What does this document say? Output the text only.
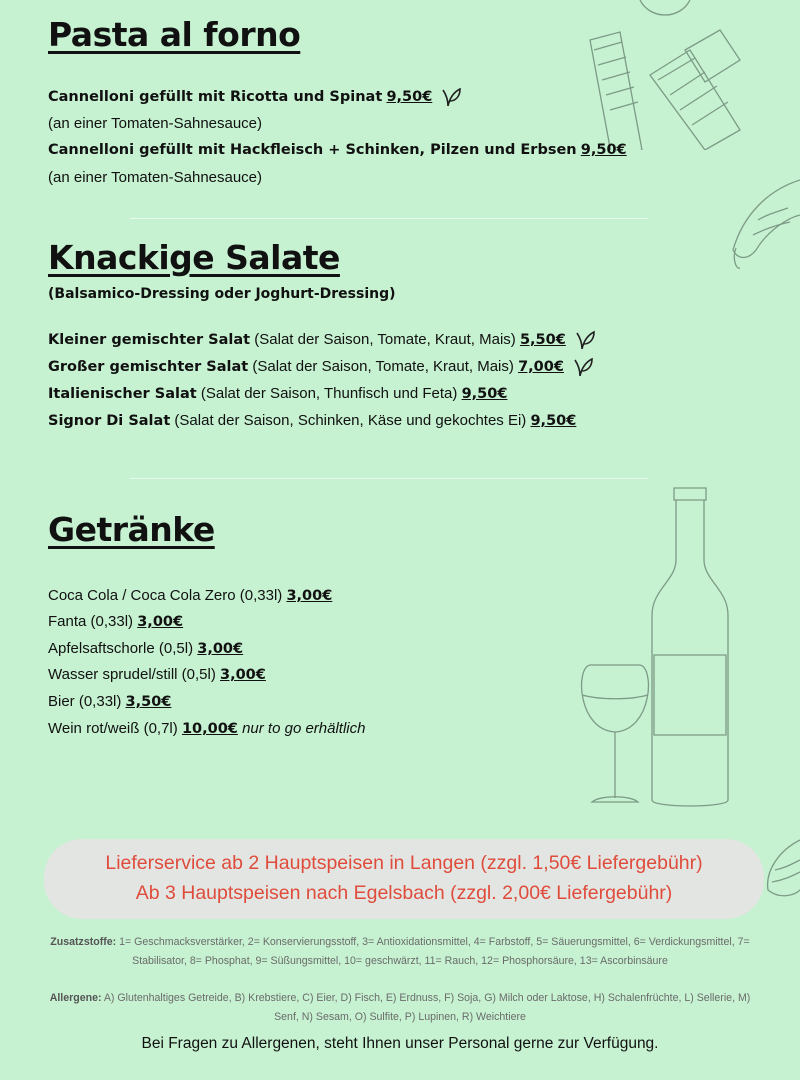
Pasta al forno
Cannelloni gefüllt mit Ricotta und Spinat 9,50€
(an einer Tomaten-Sahnesauce)
Cannelloni gefüllt mit Hackfleisch + Schinken, Pilzen und Erbsen 9,50€
(an einer Tomaten-Sahnesauce)
Knackige Salate
(Balsamico-Dressing oder Joghurt-Dressing)
Kleiner gemischter Salat (Salat der Saison, Tomate, Kraut, Mais) 5,50€
Großer gemischter Salat (Salat der Saison, Tomate, Kraut, Mais) 7,00€
Italienischer Salat (Salat der Saison, Thunfisch und Feta) 9,50€
Signor Di Salat (Salat der Saison, Schinken, Käse und gekochtes Ei) 9,50€
Getränke
Coca Cola / Coca Cola Zero (0,33l) 3,00€
Fanta (0,33l) 3,00€
Apfelsaftschorle (0,5l) 3,00€
Wasser sprudel/still (0,5l) 3,00€
Bier (0,33l) 3,50€
Wein rot/weiß (0,7l) 10,00€ nur to go erhältlich
Lieferservice ab 2 Hauptspeisen in Langen (zzgl. 1,50€ Liefergebühr)
Ab 3 Hauptspeisen nach Egelsbach (zzgl. 2,00€ Liefergebühr)
Zusatzstoffe: 1= Geschmacksverstärker, 2= Konservierungsstoff, 3= Antioxidationsmittel, 4= Farbstoff, 5= Säuerungsmittel, 6= Verdickungsmittel, 7= Stabilisator, 8= Phosphat, 9= Süßungsmittel, 10= geschwärzt, 11= Rauch, 12= Phosphorsäure, 13= Ascorbinsäure
Allergene: A) Glutenhaltiges Getreide, B) Krebstiere, C) Eier, D) Fisch, E) Erdnuss, F) Soja, G) Milch oder Laktose, H) Schalenfrüchte, L) Sellerie, M) Senf, N) Sesam, O) Sulfite, P) Lupinen, R) Weichtiere
Bei Fragen zu Allergenen, steht Ihnen unser Personal gerne zur Verfügung.
